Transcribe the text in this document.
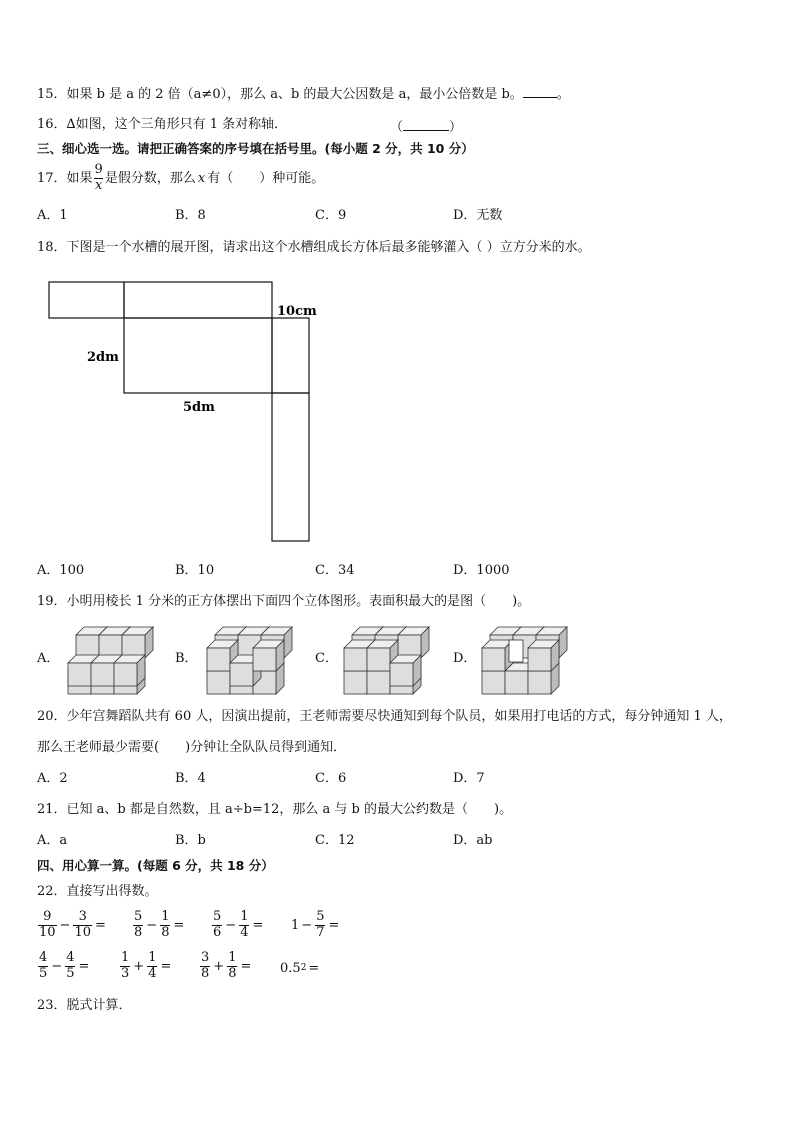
15．如果 b 是 a 的 2 倍（a≠0），那么 a、b 的最大公因数是 a，最小公倍数是 b。	。
16．∆如图，这个三角形只有 1 条对称轴．	（	）
三、细心选一选。请把正确答案的序号填在括号里。(每小题 2 分，共 10 分）
17．如果 $\frac{9}{x}$ 是假分数，那么 x 有（　　）种可能。
A．1	B．8	C．9	D．无数
18．下图是一个水槽的展开图，请求出这个水槽组成长方体后最多能够灌入（ ）立方分米的水。
10cm
2dm
5dm
A．100	B．10	C．34	D．1000
19．小明用棱长 1 分米的正方体摆出下面四个立体图形。表面积最大的是图（　　)。
A．	B．	C．	D．
20．少年宫舞蹈队共有 60 人，因演出提前，王老师需要尽快通知到每个队员，如果用打电话的方式，每分钟通知 1 人，
那么王老师最少需要(　　)分钟让全队队员得到通知．
A．2	B．4	C．6	D．7
21．已知 a、b 都是自然数，且 a÷b=12，那么 a 与 b 的最大公约数是（　　)。
A．a	B．b	C．12	D．ab
四、用心算一算。(每题 6 分，共 18 分）
22．直接写出得数。
$\frac{9}{10} - \frac{3}{10} = \frac{5}{8} - \frac{1}{8} = \frac{5}{6} - \frac{1}{4} = 1 - \frac{5}{7}$ =
$\frac{4}{5} - \frac{4}{5} = \frac{1}{3} + \frac{1}{4} = \frac{3}{8} + \frac{1}{8} = 0.5$ 2 =
23．脱式计算．
